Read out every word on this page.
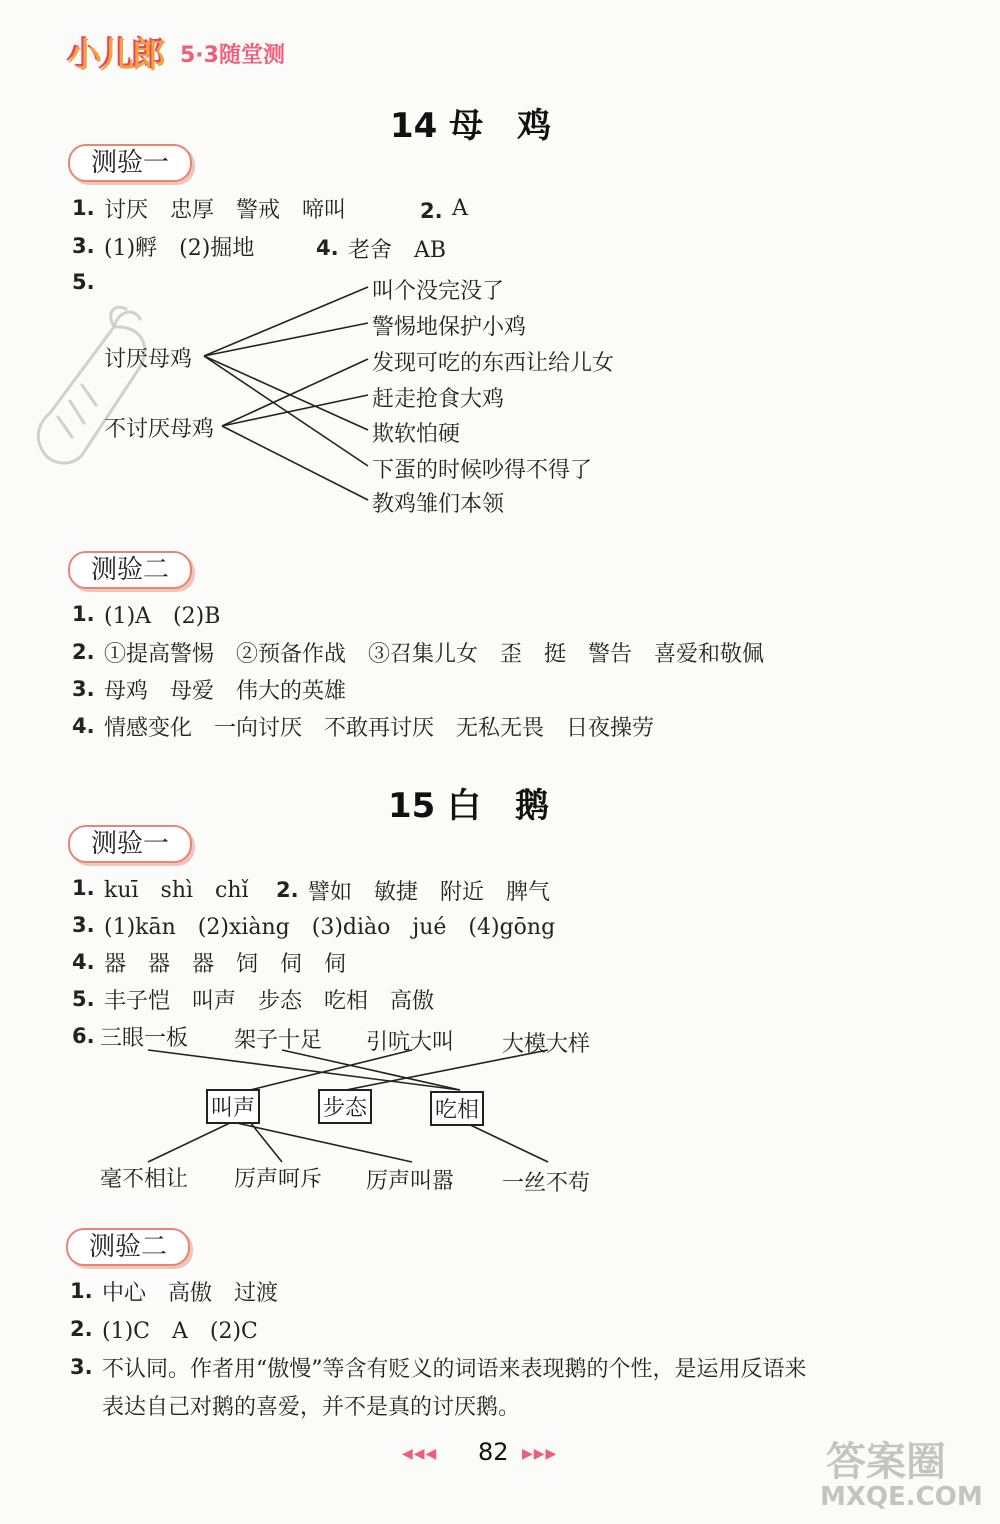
小儿郎 5·3随堂测
14 母　鸡
测验一
1. 讨厌　忠厚　警戒　啼叫	2. A
3. (1)孵　(2)掘地	4. 老舍　AB
5.
讨厌母鸡
不讨厌母鸡
叫个没完没了
警惕地保护小鸡
发现可吃的东西让给儿女
赶走抢食大鸡
欺软怕硬
下蛋的时候吵得不得了
教鸡雏们本领
测验二
1. (1)A　(2)B
2. ①提高警惕　②预备作战　③召集儿女　歪　挺　警告　喜爱和敬佩
3. 母鸡　母爱　伟大的英雄
4. 情感变化　一向讨厌　不敢再讨厌　无私无畏　日夜操劳
15 白　鹅
测验一
1. kuī　shì　chǐ 2. 譬如　敏捷　附近　脾气
3. (1)kān　(2)xiàng　(3)diào　jué　(4)gōng
4. 器　器　器　饲　伺　伺
5. 丰子恺　叫声　步态　吃相　高傲
6. 三眼一板 架子十足 引吭大叫 大模大样
叫声	步态	吃相
毫不相让 厉声呵斥 厉声叫嚣 一丝不苟
测验二
1. 中心　高傲　过渡
2. (1)C　A　(2)C
3. 不认同。作者用“傲慢”等含有贬义的词语来表现鹅的个性，是运用反语来
表达自己对鹅的喜爱，并不是真的讨厌鹅。
◀◀◀ 82 ▶▶▶	答案圈
MXQE.COM
